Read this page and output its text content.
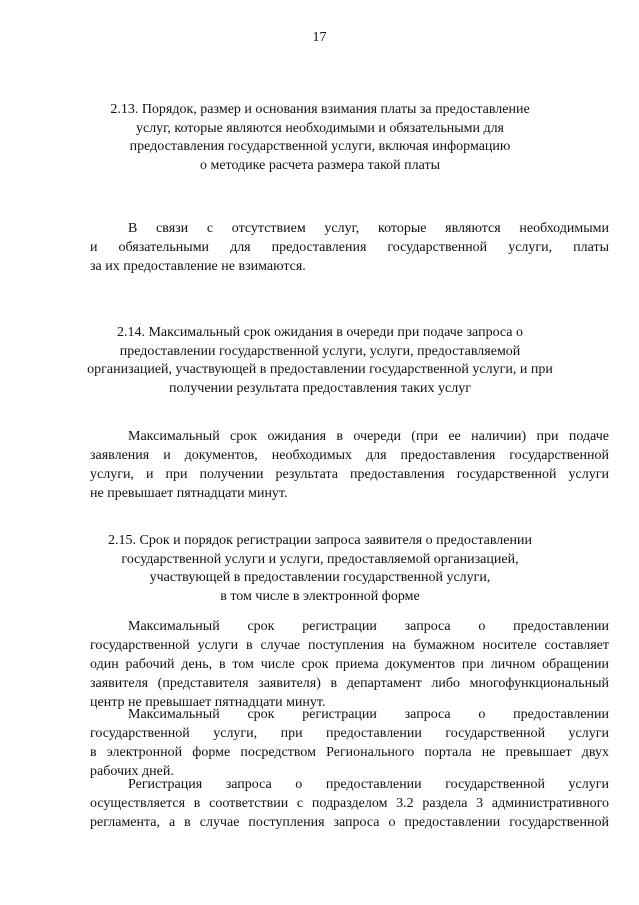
17
2.13. Порядок, размер и основания взимания платы за предоставление
услуг, которые являются необходимыми и обязательными для
предоставления государственной услуги, включая информацию
о методике расчета размера такой платы
В связи с отсутствием услуг, которые являются необходимыми
и обязательными для предоставления государственной услуги, платы
за их предоставление не взимаются.
2.14. Максимальный срок ожидания в очереди при подаче запроса о
предоставлении государственной услуги, услуги, предоставляемой
организацией, участвующей в предоставлении государственной услуги, и при
получении результата предоставления таких услуг
Максимальный срок ожидания в очереди (при ее наличии) при подаче
заявления и документов, необходимых для предоставления государственной
услуги, и при получении результата предоставления государственной услуги
не превышает пятнадцати минут.
2.15. Срок и порядок регистрации запроса заявителя о предоставлении
государственной услуги и услуги, предоставляемой организацией,
участвующей в предоставлении государственной услуги,
в том числе в электронной форме
Максимальный срок регистрации запроса о предоставлении
государственной услуги в случае поступления на бумажном носителе составляет
один рабочий день, в том числе срок приема документов при личном обращении
заявителя (представителя заявителя) в департамент либо многофункциональный
центр не превышает пятнадцати минут.
Максимальный срок регистрации запроса о предоставлении
государственной услуги, при предоставлении государственной услуги
в электронной форме посредством Регионального портала не превышает двух
рабочих дней.
Регистрация запроса о предоставлении государственной услуги
осуществляется в соответствии с подразделом 3.2 раздела 3 административного
регламента, а в случае поступления запроса о предоставлении государственной
